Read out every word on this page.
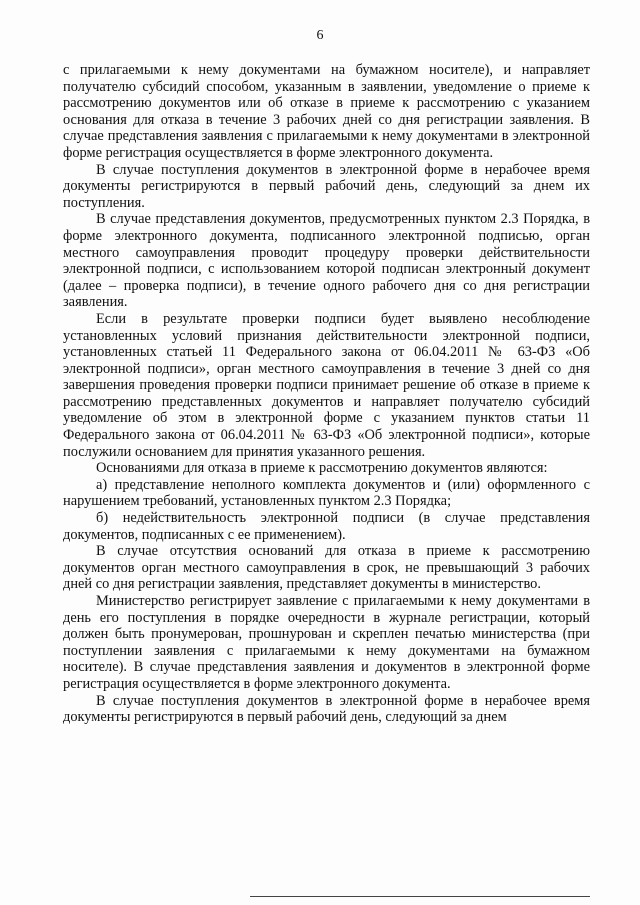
6

с прилагаемыми к нему документами на бумажном носителе), и направляет получателю субсидий способом, указанным в заявлении, уведомление о приеме к рассмотрению документов или об отказе в приеме к рассмотрению с указанием основания для отказа в течение 3 рабочих дней со дня регистрации заявления. В случае представления заявления с прилагаемыми к нему документами в электронной форме регистрация осуществляется в форме электронного документа.

В случае поступления документов в электронной форме в нерабочее время документы регистрируются в первый рабочий день, следующий за днем их поступления.

В случае представления документов, предусмотренных пунктом 2.3 Порядка, в форме электронного документа, подписанного электронной подписью, орган местного самоуправления проводит процедуру проверки действительности электронной подписи, с использованием которой подписан электронный документ (далее – проверка подписи), в течение одного рабочего дня со дня регистрации заявления.

Если в результате проверки подписи будет выявлено несоблюдение установленных условий признания действительности электронной подписи, установленных статьей 11 Федерального закона от 06.04.2011 № 63-ФЗ «Об электронной подписи», орган местного самоуправления в течение 3 дней со дня завершения проведения проверки подписи принимает решение об отказе в приеме к рассмотрению представленных документов и направляет получателю субсидий уведомление об этом в электронной форме с указанием пунктов статьи 11 Федерального закона от 06.04.2011 № 63-ФЗ «Об электронной подписи», которые послужили основанием для принятия указанного решения.

Основаниями для отказа в приеме к рассмотрению документов являются:

а) представление неполного комплекта документов и (или) оформленного с нарушением требований, установленных пунктом 2.3 Порядка;

б) недействительность электронной подписи (в случае представления документов, подписанных с ее применением).

В случае отсутствия оснований для отказа в приеме к рассмотрению документов орган местного самоуправления в срок, не превышающий 3 рабочих дней со дня регистрации заявления, представляет документы в министерство.

Министерство регистрирует заявление с прилагаемыми к нему документами в день его поступления в порядке очередности в журнале регистрации, который должен быть пронумерован, прошнурован и скреплен печатью министерства (при поступлении заявления с прилагаемыми к нему документами на бумажном носителе). В случае представления заявления и документов в электронной форме регистрация осуществляется в форме электронного документа.

В случае поступления документов в электронной форме в нерабочее время документы регистрируются в первый рабочий день, следующий за днем
